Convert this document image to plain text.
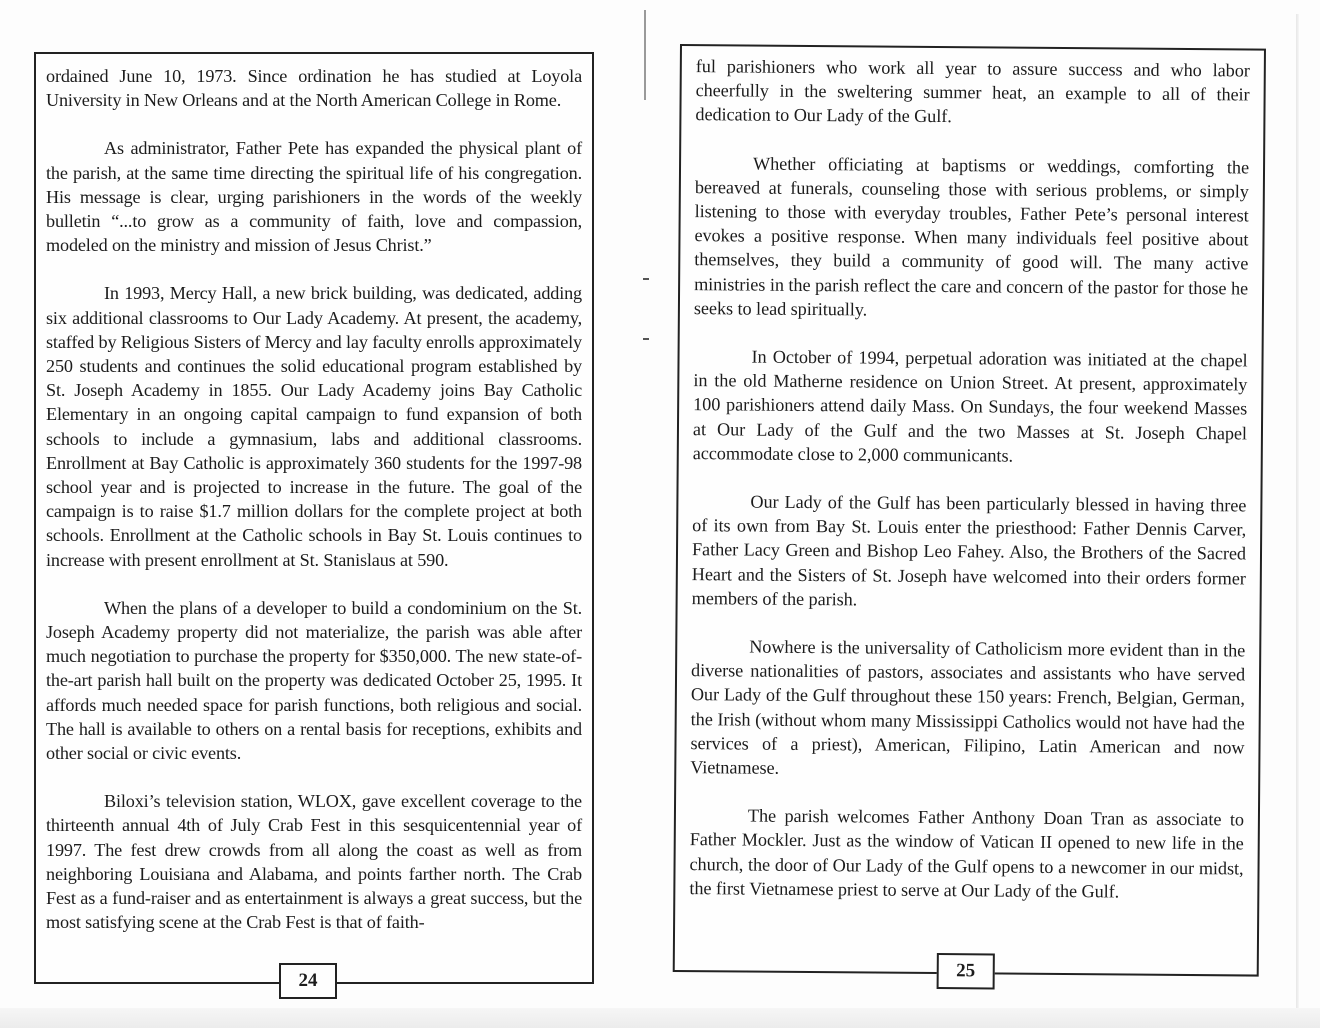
ordained June 10, 1973. Since ordination he has studied at Loyola University in New Orleans and at the North American College in Rome.

As administrator, Father Pete has expanded the physical plant of the parish, at the same time directing the spiritual life of his congregation. His message is clear, urging parishioners in the words of the weekly bulletin “...to grow as a community of faith, love and compassion, modeled on the ministry and mission of Jesus Christ.”

In 1993, Mercy Hall, a new brick building, was dedicated, adding six additional classrooms to Our Lady Academy. At present, the academy, staffed by Religious Sisters of Mercy and lay faculty enrolls approximately 250 students and continues the solid educational program established by St. Joseph Academy in 1855. Our Lady Academy joins Bay Catholic Elementary in an ongoing capital campaign to fund expansion of both schools to include a gymnasium, labs and additional classrooms. Enrollment at Bay Catholic is approximately 360 students for the 1997-98 school year and is projected to increase in the future. The goal of the campaign is to raise $1.7 million dollars for the complete project at both schools. Enrollment at the Catholic schools in Bay St. Louis continues to increase with present enrollment at St. Stanislaus at 590.

When the plans of a developer to build a condominium on the St. Joseph Academy property did not materialize, the parish was able after much negotiation to purchase the property for $350,000. The new state-of-the-art parish hall built on the property was dedicated October 25, 1995. It affords much needed space for parish functions, both religious and social. The hall is available to others on a rental basis for receptions, exhibits and other social or civic events.

Biloxi’s television station, WLOX, gave excellent coverage to the thirteenth annual 4th of July Crab Fest in this sesquicentennial year of 1997. The fest drew crowds from all along the coast as well as from neighboring Louisiana and Alabama, and points farther north. The Crab Fest as a fund-raiser and as entertainment is always a great success, but the most satisfying scene at the Crab Fest is that of faith-

24

ful parishioners who work all year to assure success and who labor cheerfully in the sweltering summer heat, an example to all of their dedication to Our Lady of the Gulf.

Whether officiating at baptisms or weddings, comforting the bereaved at funerals, counseling those with serious problems, or simply listening to those with everyday troubles, Father Pete’s personal interest evokes a positive response. When many individuals feel positive about themselves, they build a community of good will. The many active ministries in the parish reflect the care and concern of the pastor for those he seeks to lead spiritually.

In October of 1994, perpetual adoration was initiated at the chapel in the old Matherne residence on Union Street. At present, approximately 100 parishioners attend daily Mass. On Sundays, the four weekend Masses at Our Lady of the Gulf and the two Masses at St. Joseph Chapel accommodate close to 2,000 communicants.

Our Lady of the Gulf has been particularly blessed in having three of its own from Bay St. Louis enter the priesthood: Father Dennis Carver, Father Lacy Green and Bishop Leo Fahey. Also, the Brothers of the Sacred Heart and the Sisters of St. Joseph have welcomed into their orders former members of the parish.

Nowhere is the universality of Catholicism more evident than in the diverse nationalities of pastors, associates and assistants who have served Our Lady of the Gulf throughout these 150 years: French, Belgian, German, the Irish (without whom many Mississippi Catholics would not have had the services of a priest), American, Filipino, Latin American and now Vietnamese.

The parish welcomes Father Anthony Doan Tran as associate to Father Mockler. Just as the window of Vatican II opened to new life in the church, the door of Our Lady of the Gulf opens to a newcomer in our midst, the first Vietnamese priest to serve at Our Lady of the Gulf.

25
